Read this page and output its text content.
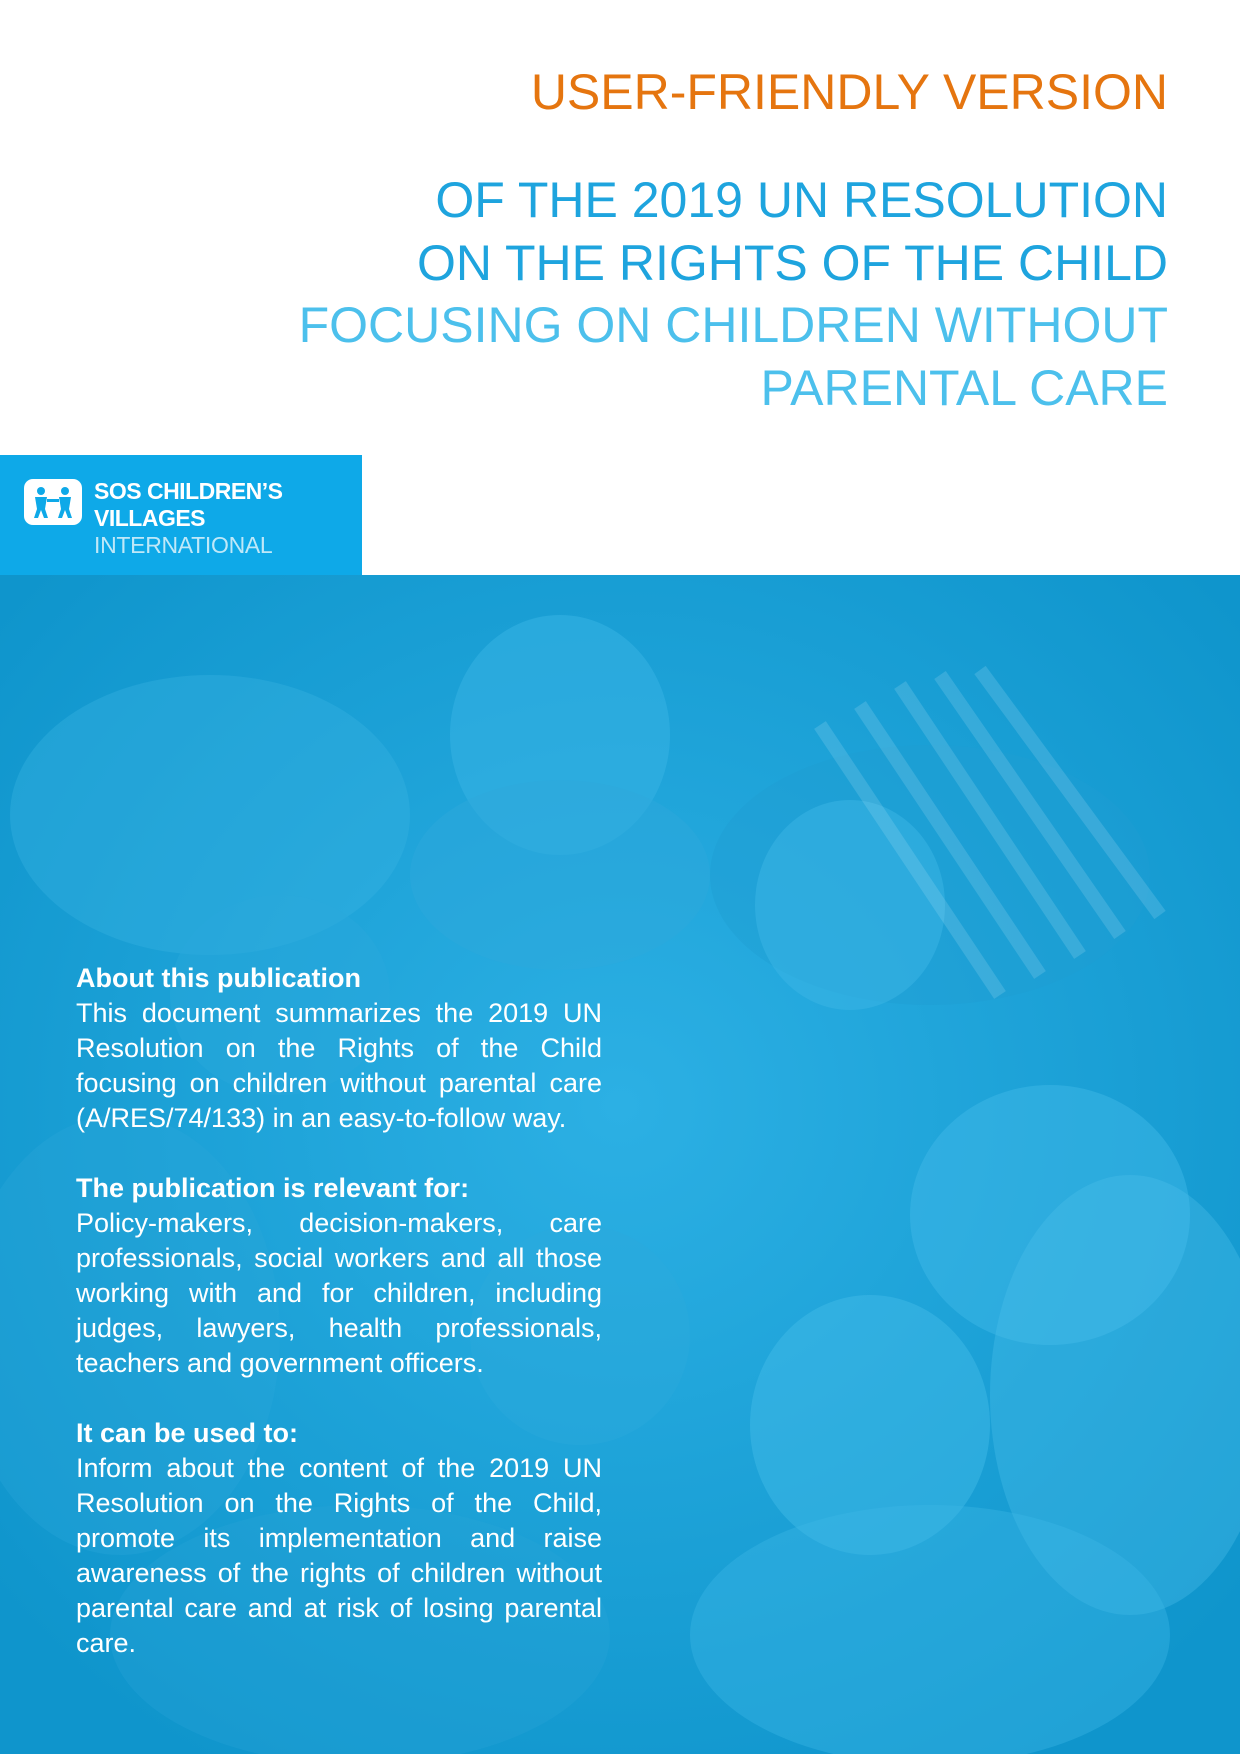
USER-FRIENDLY VERSION
OF THE 2019 UN RESOLUTION
ON THE RIGHTS OF THE CHILD
FOCUSING ON CHILDREN WITHOUT
PARENTAL CARE
SOS CHILDREN’S
VILLAGES
INTERNATIONAL
About this publication

This document summarizes the 2019 UN Resolution on the Rights of the Child focusing on children without parental care (A/RES/74/133) in an easy-to-follow way.

The publication is relevant for:

Policy-makers, decision-makers, care professionals, social workers and all those working with and for children, including judges, lawyers, health professionals, teachers and government officers.

It can be used to:

Inform about the content of the 2019 UN Resolution on the Rights of the Child, promote its implementation and raise awareness of the rights of children without parental care and at risk of losing parental care.
